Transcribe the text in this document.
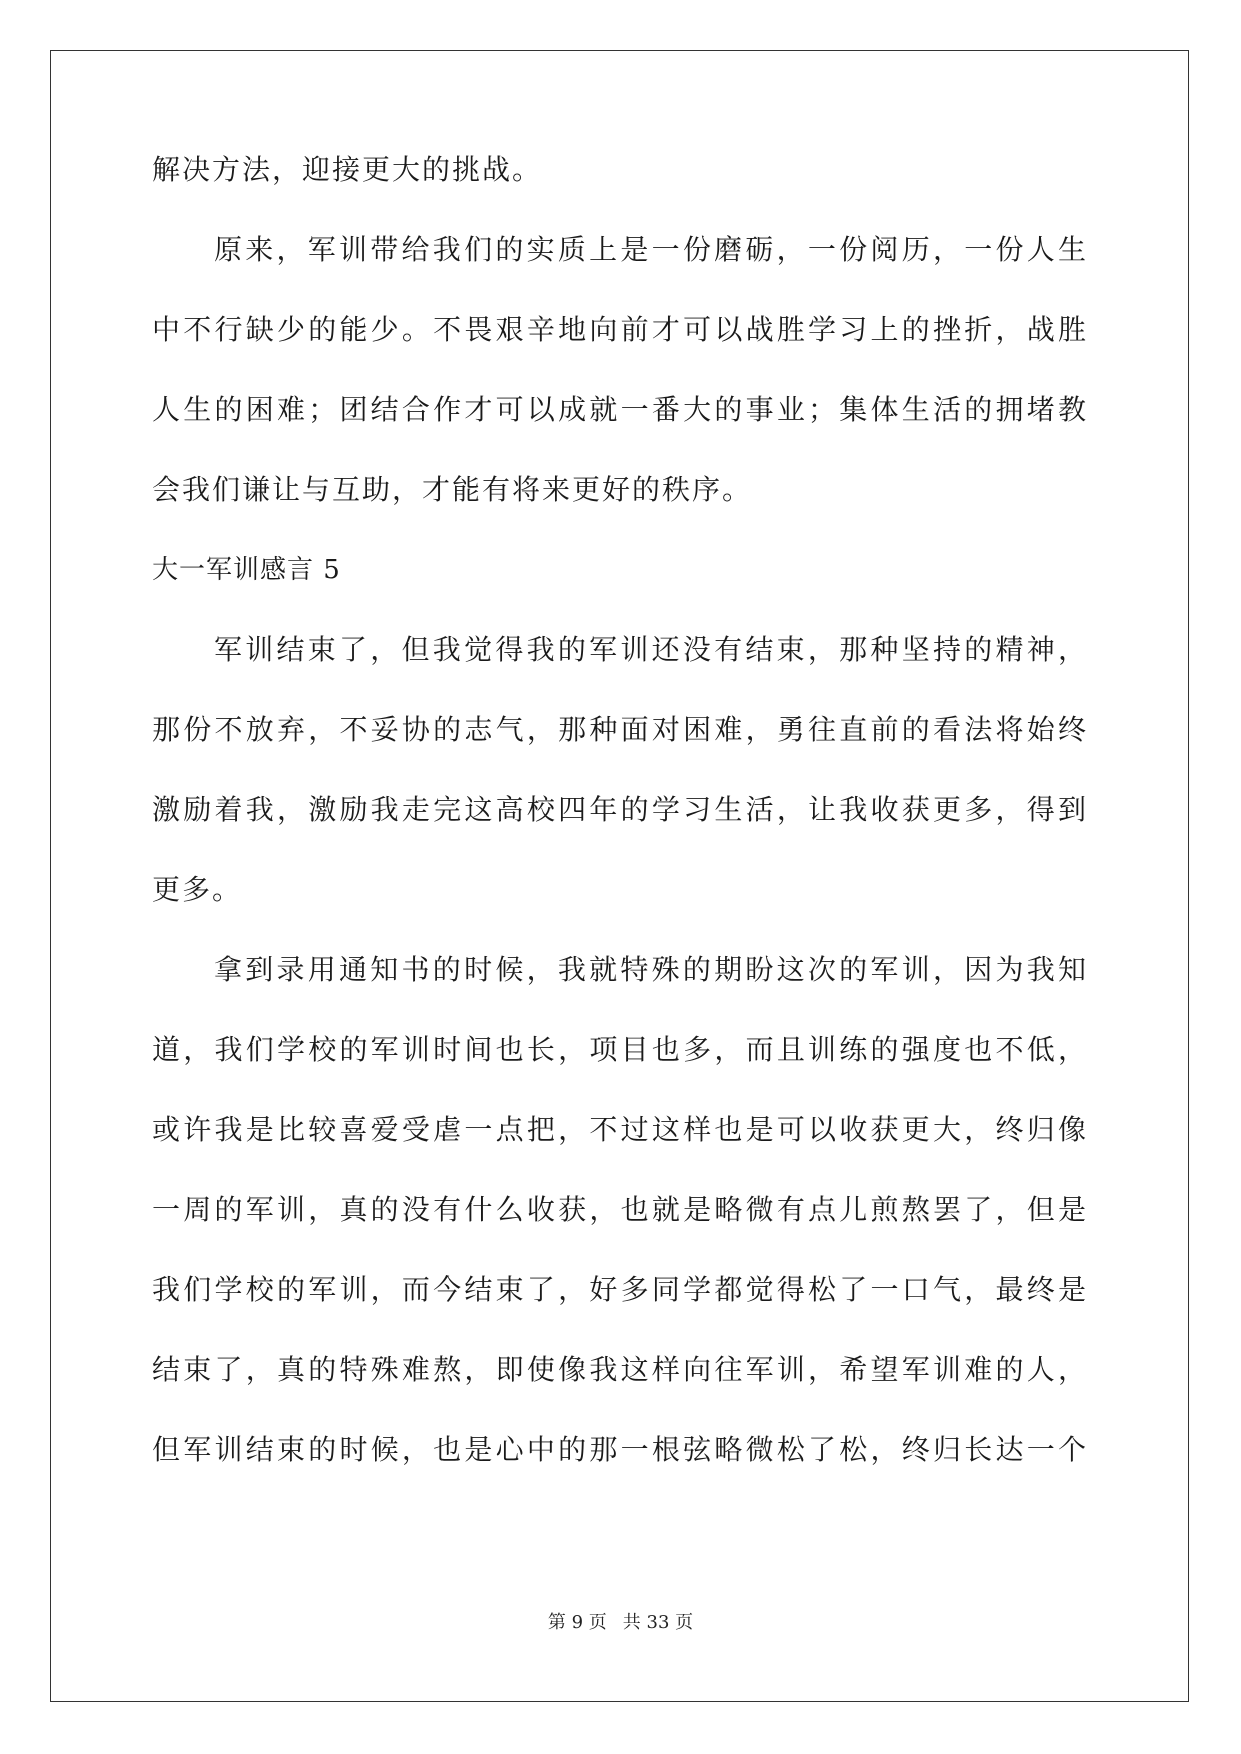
解决方法，迎接更大的挑战。
原来，军训带给我们的实质上是一份磨砺，一份阅历，一份人生
中不行缺少的能少。不畏艰辛地向前才可以战胜学习上的挫折，战胜
人生的困难；团结合作才可以成就一番大的事业；集体生活的拥堵教
会我们谦让与互助，才能有将来更好的秩序。
大一军训感言 5
军训结束了，但我觉得我的军训还没有结束，那种坚持的精神，
那份不放弃，不妥协的志气，那种面对困难，勇往直前的看法将始终
激励着我，激励我走完这高校四年的学习生活，让我收获更多，得到
更多。
拿到录用通知书的时候，我就特殊的期盼这次的军训，因为我知
道，我们学校的军训时间也长，项目也多，而且训练的强度也不低，
或许我是比较喜爱受虐一点把，不过这样也是可以收获更大，终归像
一周的军训，真的没有什么收获，也就是略微有点儿煎熬罢了，但是
我们学校的军训，而今结束了，好多同学都觉得松了一口气，最终是
结束了，真的特殊难熬，即使像我这样向往军训，希望军训难的人，
但军训结束的时候，也是心中的那一根弦略微松了松，终归长达一个
第 9 页 共 33 页
